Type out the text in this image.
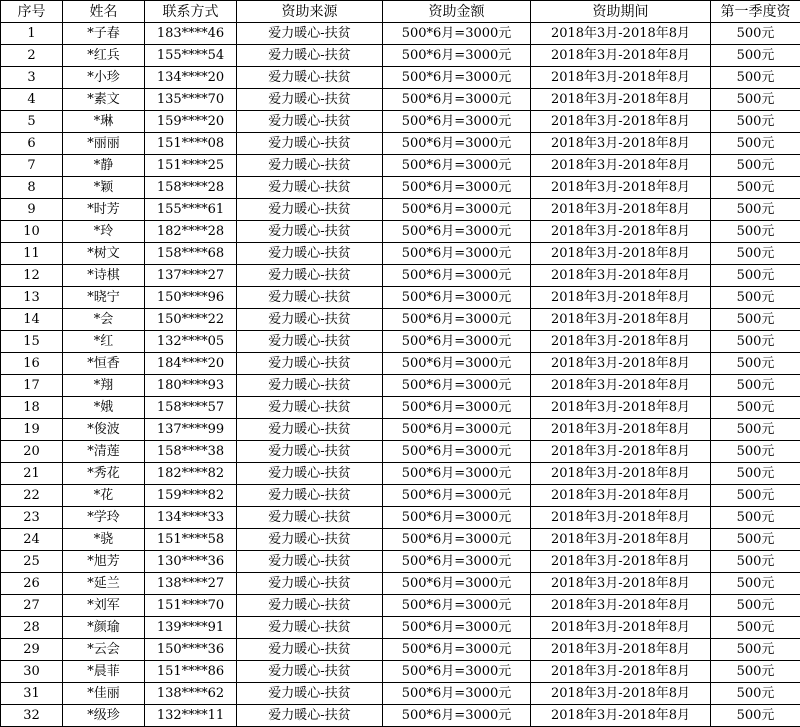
序号	姓名	联系方式	资助来源	资助金额	资助期间	第一季度资
1	*子春	183****46	爱力暖心-扶贫	500*6月=3000元	2018年3月-2018年8月	500元
2	*红兵	155****54	爱力暖心-扶贫	500*6月=3000元	2018年3月-2018年8月	500元
3	*小珍	134****20	爱力暖心-扶贫	500*6月=3000元	2018年3月-2018年8月	500元
4	*素文	135****70	爱力暖心-扶贫	500*6月=3000元	2018年3月-2018年8月	500元
5	*琳	159****20	爱力暖心-扶贫	500*6月=3000元	2018年3月-2018年8月	500元
6	*丽丽	151****08	爱力暖心-扶贫	500*6月=3000元	2018年3月-2018年8月	500元
7	*静	151****25	爱力暖心-扶贫	500*6月=3000元	2018年3月-2018年8月	500元
8	*颖	158****28	爱力暖心-扶贫	500*6月=3000元	2018年3月-2018年8月	500元
9	*时芳	155****61	爱力暖心-扶贫	500*6月=3000元	2018年3月-2018年8月	500元
10	*玲	182****28	爱力暖心-扶贫	500*6月=3000元	2018年3月-2018年8月	500元
11	*树文	158****68	爱力暖心-扶贫	500*6月=3000元	2018年3月-2018年8月	500元
12	*诗棋	137****27	爱力暖心-扶贫	500*6月=3000元	2018年3月-2018年8月	500元
13	*晓宁	150****96	爱力暖心-扶贫	500*6月=3000元	2018年3月-2018年8月	500元
14	*会	150****22	爱力暖心-扶贫	500*6月=3000元	2018年3月-2018年8月	500元
15	*红	132****05	爱力暖心-扶贫	500*6月=3000元	2018年3月-2018年8月	500元
16	*恒香	184****20	爱力暖心-扶贫	500*6月=3000元	2018年3月-2018年8月	500元
17	*翔	180****93	爱力暖心-扶贫	500*6月=3000元	2018年3月-2018年8月	500元
18	*娥	158****57	爱力暖心-扶贫	500*6月=3000元	2018年3月-2018年8月	500元
19	*俊波	137****99	爱力暖心-扶贫	500*6月=3000元	2018年3月-2018年8月	500元
20	*清莲	158****38	爱力暖心-扶贫	500*6月=3000元	2018年3月-2018年8月	500元
21	*秀花	182****82	爱力暖心-扶贫	500*6月=3000元	2018年3月-2018年8月	500元
22	*花	159****82	爱力暖心-扶贫	500*6月=3000元	2018年3月-2018年8月	500元
23	*学玲	134****33	爱力暖心-扶贫	500*6月=3000元	2018年3月-2018年8月	500元
24	*骁	151****58	爱力暖心-扶贫	500*6月=3000元	2018年3月-2018年8月	500元
25	*旭芳	130****36	爱力暖心-扶贫	500*6月=3000元	2018年3月-2018年8月	500元
26	*延兰	138****27	爱力暖心-扶贫	500*6月=3000元	2018年3月-2018年8月	500元
27	*刘军	151****70	爱力暖心-扶贫	500*6月=3000元	2018年3月-2018年8月	500元
28	*颜瑜	139****91	爱力暖心-扶贫	500*6月=3000元	2018年3月-2018年8月	500元
29	*云会	150****36	爱力暖心-扶贫	500*6月=3000元	2018年3月-2018年8月	500元
30	*晨菲	151****86	爱力暖心-扶贫	500*6月=3000元	2018年3月-2018年8月	500元
31	*佳丽	138****62	爱力暖心-扶贫	500*6月=3000元	2018年3月-2018年8月	500元
32	*级珍	132****11	爱力暖心-扶贫	500*6月=3000元	2018年3月-2018年8月	500元
